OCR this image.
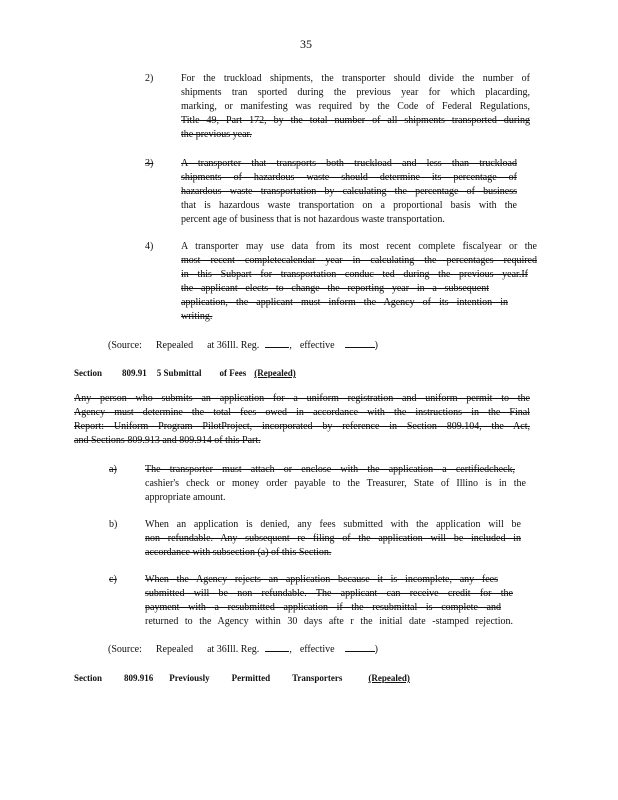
35
2)	For the truckload shipments, the transporter should divide the number of
shipments tran sported during the previous year for which placarding,
marking, or manifesting was required by the Code of Federal Regulations,
Title 49, Part 172, by the total number of all shipments transported during
the previous year.
3)	A transporter that transports both truckload and less than truckload
shipments of hazardous waste should determine its percentage of
hazardous waste transportation by calculating the percentage of business
that is hazardous waste transportation on a proportional basis with the
percent age of business that is not hazardous waste transportation.
4)	A transporter may use data from its most recent complete fiscalyear or the
most recent completecalendar year in calculating the percentages required
in this Subpart for transportation conduc ted during the previous year.If
the applicant elects to change the reporting year in a subsequent
application, the applicant must inform the Agency of its intention in
writing.
(Source: Repealed at 36Ill. Reg.	, effective	)
Section 809.91 5 Submittal of Fees (Repealed)
Any person who submits an application for a uniform registration and uniform permit to the
Agency must determine the total fees owed in accordance with the instructions in the Final
Report: Uniform Program PilotProject, incorporated by reference in Section 809.104, the Act,
and Sections 809.913 and 809.914 of this Part.
a)	The transporter must attach or enclose with the application a certifiedcheck,
cashier's check or money order payable to the Treasurer, State of Illino is in the
appropriate amount.
b)	When an application is denied, any fees submitted with the application will be
non refundable. Any subsequent re filing of the application will be included in
accordance with subsection (a) of this Section.
c)	When the Agency rejects an application because it is incomplete, any fees
submitted will be non refundable. The applicant can receive credit for the
payment with a resubmitted application if the resubmittal is complete and
returned to the Agency within 30 days afte r the initial date -stamped rejection.
(Source: Repealed at 36Ill. Reg.	, effective	)
Section 809.916 Previously Permitted Transporters	(Repealed)
